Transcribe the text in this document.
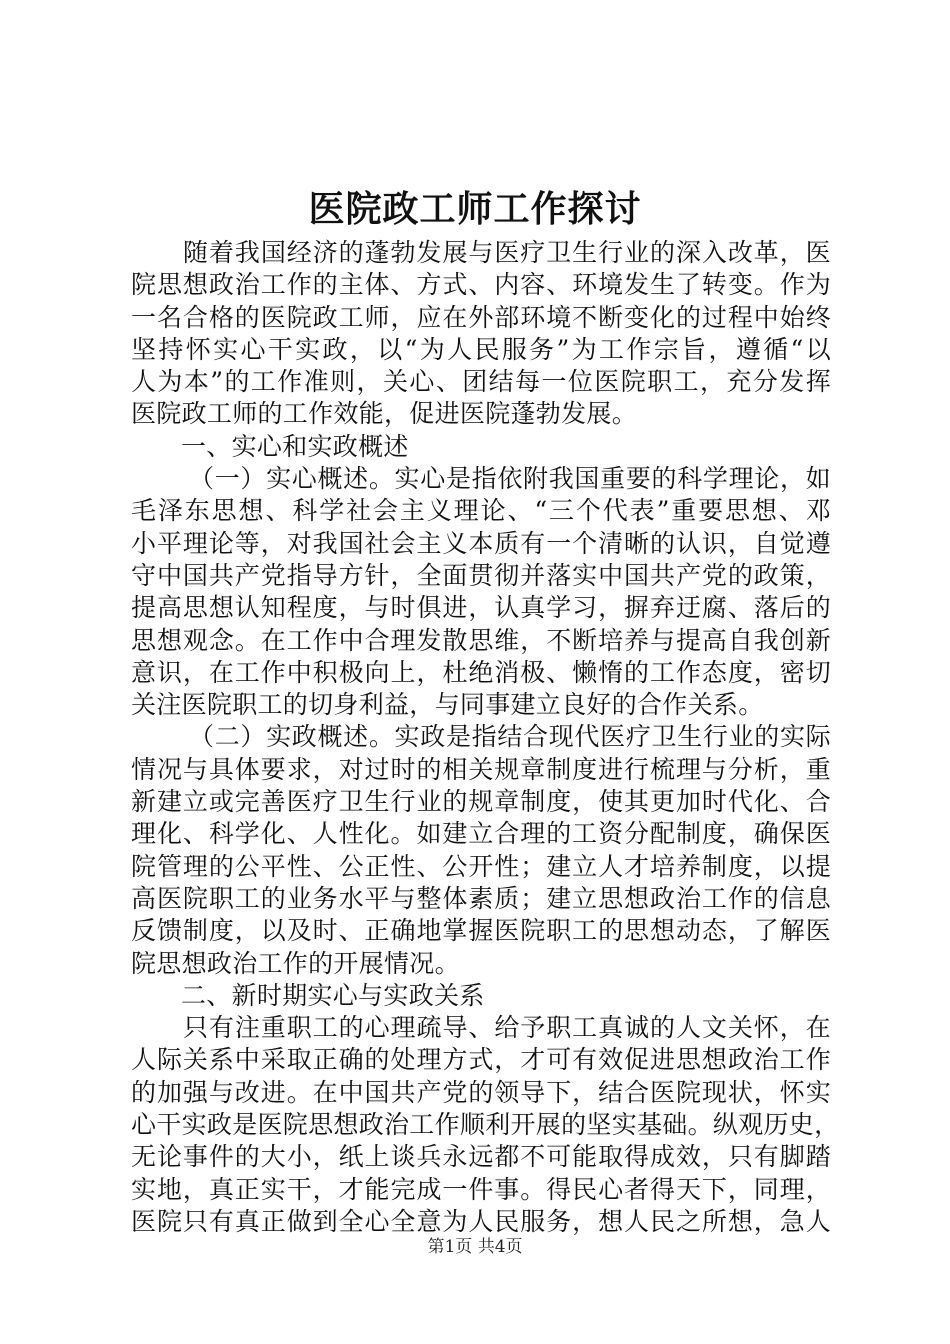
医院政工师工作探讨
随着我国经济的蓬勃发展与医疗卫生行业的深入改革，医
院思想政治工作的主体、方式、内容、环境发生了转变。作为
一名合格的医院政工师，应在外部环境不断变化的过程中始终
坚持怀实心干实政，以“为人民服务”为工作宗旨，遵循“以
人为本”的工作准则，关心、团结每一位医院职工，充分发挥
医院政工师的工作效能，促进医院蓬勃发展。
一、实心和实政概述
（一）实心概述。实心是指依附我国重要的科学理论，如
毛泽东思想、科学社会主义理论、“三个代表”重要思想、邓
小平理论等，对我国社会主义本质有一个清晰的认识，自觉遵
守中国共产党指导方针，全面贯彻并落实中国共产党的政策，
提高思想认知程度，与时俱进，认真学习，摒弃迂腐、落后的
思想观念。在工作中合理发散思维，不断培养与提高自我创新
意识，在工作中积极向上，杜绝消极、懒惰的工作态度，密切
关注医院职工的切身利益，与同事建立良好的合作关系。
（二）实政概述。实政是指结合现代医疗卫生行业的实际
情况与具体要求，对过时的相关规章制度进行梳理与分析，重
新建立或完善医疗卫生行业的规章制度，使其更加时代化、合
理化、科学化、人性化。如建立合理的工资分配制度，确保医
院管理的公平性、公正性、公开性；建立人才培养制度，以提
高医院职工的业务水平与整体素质；建立思想政治工作的信息
反馈制度，以及时、正确地掌握医院职工的思想动态，了解医
院思想政治工作的开展情况。
二、新时期实心与实政关系
只有注重职工的心理疏导、给予职工真诚的人文关怀，在
人际关系中采取正确的处理方式，才可有效促进思想政治工作
的加强与改进。在中国共产党的领导下，结合医院现状，怀实
心干实政是医院思想政治工作顺利开展的坚实基础。纵观历史，
无论事件的大小，纸上谈兵永远都不可能取得成效，只有脚踏
实地，真正实干，才能完成一件事。得民心者得天下，同理，
医院只有真正做到全心全意为人民服务，想人民之所想，急人
第1页 共4页
